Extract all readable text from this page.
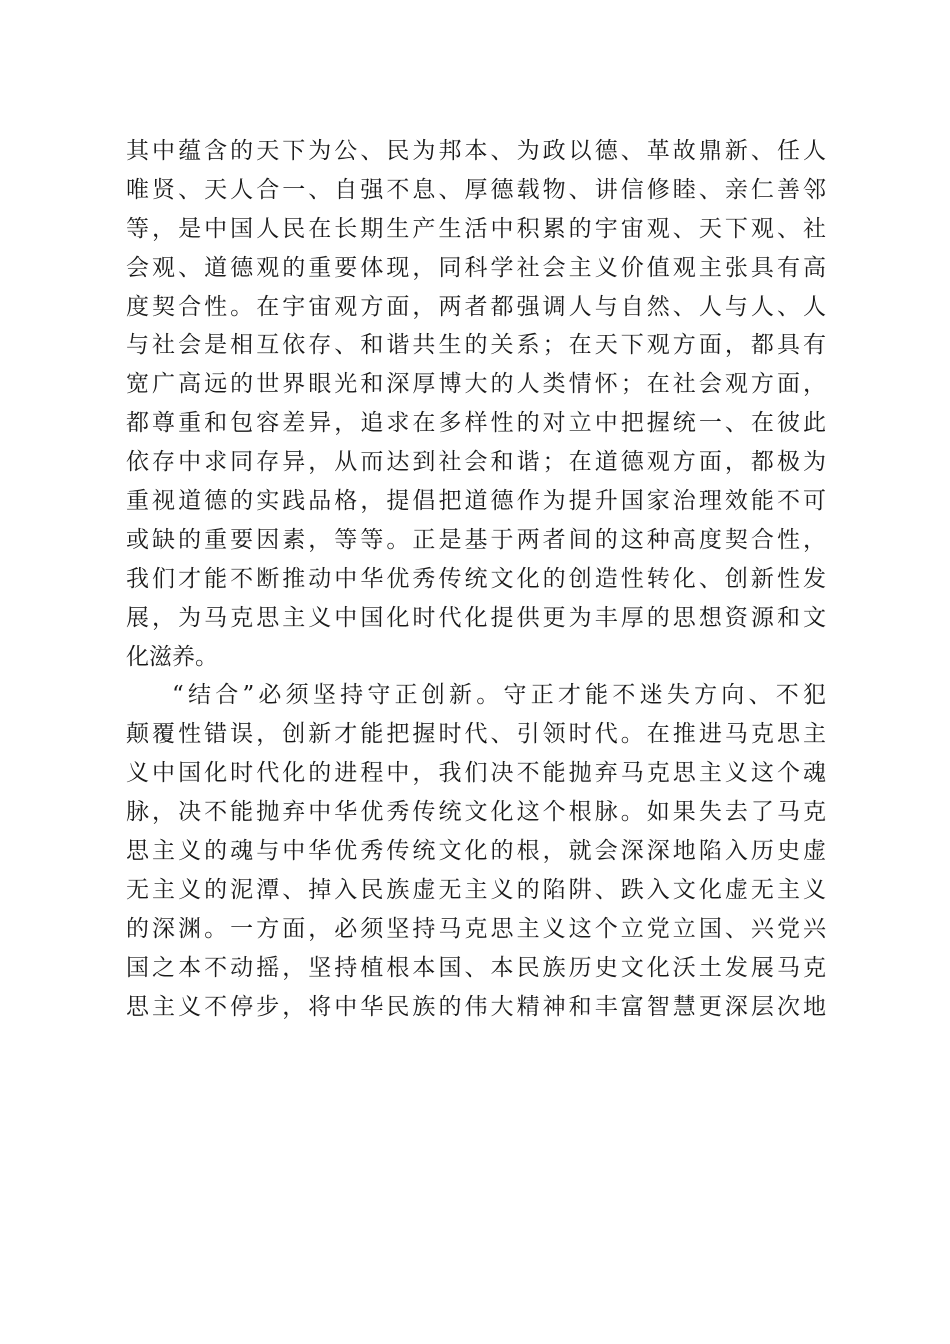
其中蕴含的天下为公、民为邦本、为政以德、革故鼎新、任人
唯贤、天人合一、自强不息、厚德载物、讲信修睦、亲仁善邻
等，是中国人民在长期生产生活中积累的宇宙观、天下观、社
会观、道德观的重要体现，同科学社会主义价值观主张具有高
度契合性。在宇宙观方面，两者都强调人与自然、人与人、人
与社会是相互依存、和谐共生的关系；在天下观方面，都具有
宽广高远的世界眼光和深厚博大的人类情怀；在社会观方面，
都尊重和包容差异，追求在多样性的对立中把握统一、在彼此
依存中求同存异，从而达到社会和谐；在道德观方面，都极为
重视道德的实践品格，提倡把道德作为提升国家治理效能不可
或缺的重要因素，等等。正是基于两者间的这种高度契合性，
我们才能不断推动中华优秀传统文化的创造性转化、创新性发
展，为马克思主义中国化时代化提供更为丰厚的思想资源和文
化滋养。
“结合”必须坚持守正创新。守正才能不迷失方向、不犯
颠覆性错误，创新才能把握时代、引领时代。在推进马克思主
义中国化时代化的进程中，我们决不能抛弃马克思主义这个魂
脉，决不能抛弃中华优秀传统文化这个根脉。如果失去了马克
思主义的魂与中华优秀传统文化的根，就会深深地陷入历史虚
无主义的泥潭、掉入民族虚无主义的陷阱、跌入文化虚无主义
的深渊。一方面，必须坚持马克思主义这个立党立国、兴党兴
国之本不动摇，坚持植根本国、本民族历史文化沃土发展马克
思主义不停步，将中华民族的伟大精神和丰富智慧更深层次地
